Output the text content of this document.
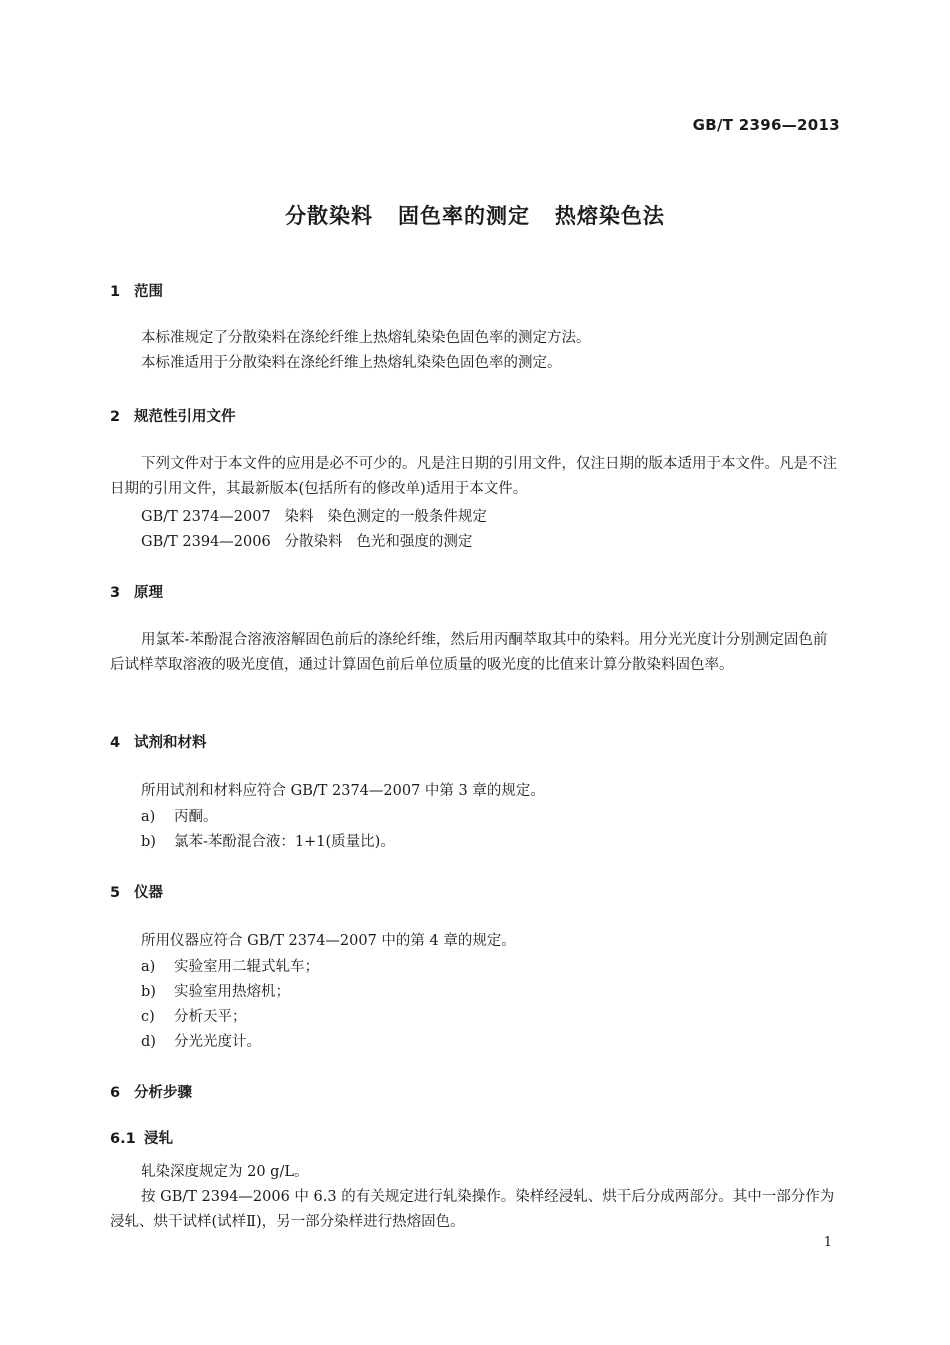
GB/T 2396—2013
分散染料   固色率的测定   热熔染色法
1 范围
本标准规定了分散染料在涤纶纤维上热熔轧染染色固色率的测定方法。
本标准适用于分散染料在涤纶纤维上热熔轧染染色固色率的测定。
2 规范性引用文件
下列文件对于本文件的应用是必不可少的。凡是注日期的引用文件，仅注日期的版本适用于本文件。凡是不注日期的引用文件，其最新版本(包括所有的修改单)适用于本文件。
GB/T 2374—2007   染料   染色测定的一般条件规定
GB/T 2394—2006   分散染料   色光和强度的测定
3 原理
用氯苯-苯酚混合溶液溶解固色前后的涤纶纤维，然后用丙酮萃取其中的染料。用分光光度计分别测定固色前后试样萃取溶液的吸光度值，通过计算固色前后单位质量的吸光度的比值来计算分散染料固色率。
4 试剂和材料
所用试剂和材料应符合 GB/T 2374—2007 中第 3 章的规定。
a) 丙酮。
b) 氯苯-苯酚混合液：1+1(质量比)。
5 仪器
所用仪器应符合 GB/T 2374—2007 中的第 4 章的规定。
a) 实验室用二辊式轧车；
b) 实验室用热熔机；
c) 分析天平；
d) 分光光度计。
6 分析步骤
6.1 浸轧
轧染深度规定为 20 g/L。
按 GB/T 2394—2006 中 6.3 的有关规定进行轧染操作。染样经浸轧、烘干后分成两部分。其中一部分作为浸轧、烘干试样(试样Ⅱ)，另一部分染样进行热熔固色。
1
